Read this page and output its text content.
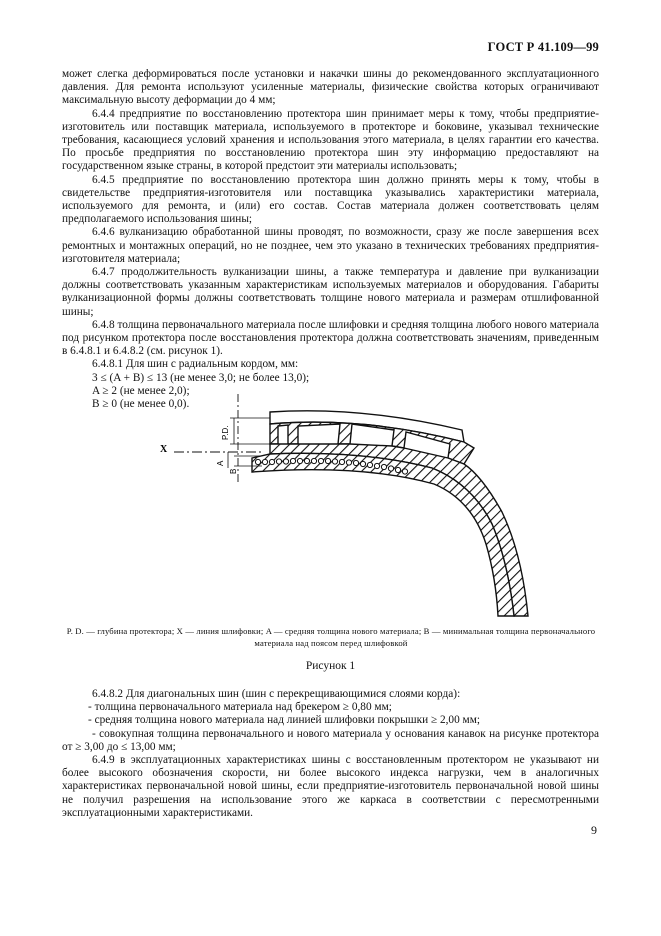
ГОСТ Р 41.109—99

может слегка деформироваться после установки и накачки шины до рекомендованного эксплуатационного давления. Для ремонта используют усиленные материалы, физические свойства которых ограничивают максимальную высоту деформации до 4 мм;

6.4.4 предприятие по восстановлению протектора шин принимает меры к тому, чтобы предприятие-изготовитель или поставщик материала, используемого в протекторе и боковине, указывал технические требования, касающиеся условий хранения и использования этого материала, в целях гарантии его качества. По просьбе предприятия по восстановлению протектора шин эту информацию предоставляют на государственном языке страны, в которой предстоит эти материалы использовать;

6.4.5 предприятие по восстановлению протектора шин должно принять меры к тому, чтобы в свидетельстве предприятия-изготовителя или поставщика указывались характеристики материала, используемого для ремонта, и (или) его состав. Состав материала должен соответствовать целям предполагаемого использования шины;

6.4.6 вулканизацию обработанной шины проводят, по возможности, сразу же после завершения всех ремонтных и монтажных операций, но не позднее, чем это указано в технических требованиях предприятия-изготовителя материала;

6.4.7 продолжительность вулканизации шины, а также температура и давление при вулканизации должны соответствовать указанным характеристикам используемых материалов и оборудования. Габариты вулканизационной формы должны соответствовать толщине нового материала и размерам отшлифованной шины;

6.4.8 толщина первоначального материала после шлифовки и средняя толщина любого нового материала под рисунком протектора после восстановления протектора должна соответствовать значениям, приведенным в 6.4.8.1 и 6.4.8.2 (см. рисунок 1).

6.4.8.1 Для шин с радиальным кордом, мм:

3 ≤ (A + B) ≤ 13 (не менее 3,0; не более 13,0);

A ≥ 2 (не менее 2,0);

B ≥ 0 (не менее 0,0).

X
P.D.
A
B
P. D. — глубина протектора; X — линия шлифовки; A — средняя толщина нового материала; B — минимальная толщина первоначального материала над поясом перед шлифовкой
Рисунок 1

6.4.8.2 Для диагональных шин (шин с перекрещивающимися слоями корда):

- толщина первоначального материала над брекером ≥ 0,80 мм;

- средняя толщина нового материала над линией шлифовки покрышки ≥ 2,00 мм;

- совокупная толщина первоначального и нового материала у основания канавок на рисунке протектора от ≥ 3,00 до ≤ 13,00 мм;

6.4.9 в эксплуатационных характеристиках шины с восстановленным протектором не указывают ни более высокого обозначения скорости, ни более высокого индекса нагрузки, чем в аналогичных характеристиках первоначальной новой шины, если предприятие-изготовитель первоначальной новой шины не получил разрешения на использование этого же каркаса в соответствии с пересмотренными эксплуатационными характеристиками.

9
